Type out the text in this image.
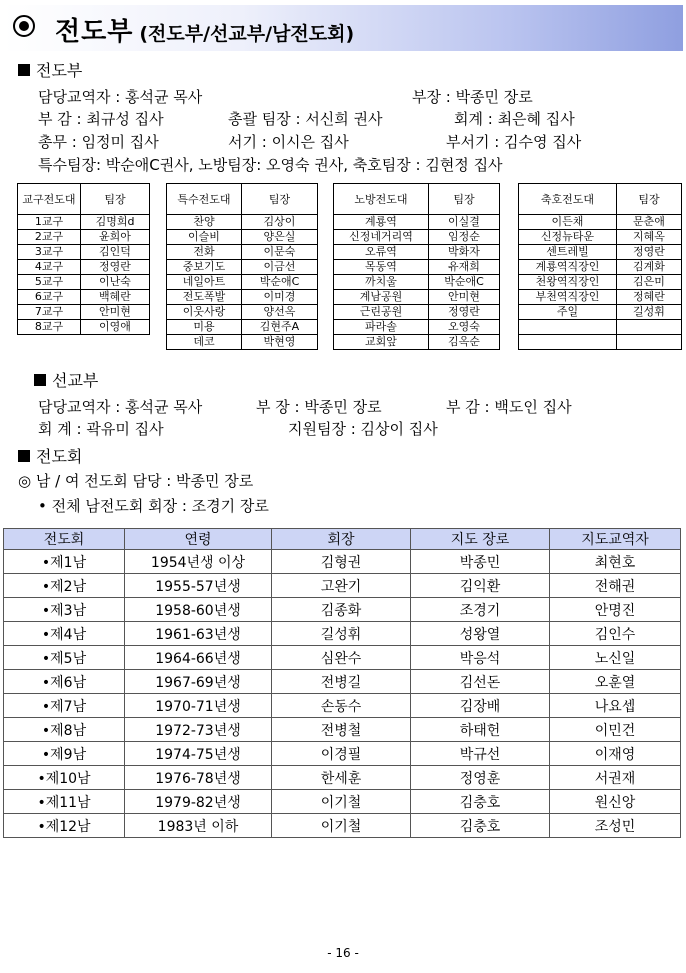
전도부 (전도부/선교부/남전도회)
전도부
담당교역자 : 홍석균 목사	부장 : 박종민 장로
부 감 : 최규성 집사	총괄 팀장 : 서신희 권사	회계 : 최은혜 집사
총무 : 임정미 집사	서기 : 이시은 집사	부서기 : 김수영 집사
특수팀장: 박순애C권사, 노방팀장: 오영숙 권사, 축호팀장 : 김현정 집사
교구전도대	팀장
1교구	김명희d
2교구	윤희아
3교구	김인덕
4교구	정영란
5교구	이난숙
6교구	백혜란
7교구	안미현
8교구	이영애
특수전도대	팀장
찬양	김상이
이슬비	양은실
전화	이문숙
중보기도	이금선
네일아트	박순애C
전도폭발	이미경
이웃사랑	양선옥
미용	김현주A
데코	박현영
노방전도대	팀장
계룡역	이실결
신정네거리역	임정순
오류역	박화자
목동역	유재희
까치울	박순애C
계남공원	안미현
근린공원	정영란
파라솔	오영숙
교회앞	김옥순
축호전도대	팀장
이든채	문춘애
신정뉴타운	지혜옥
센트레빌	정영란
계룡역직장인	김계화
천왕역직장인	김은미
부천역직장인	정혜란
주일	길성휘

선교부
담당교역자 : 홍석균 목사	부 장 : 박종민 장로	부 감 : 백도인 집사
회 계 : 곽유미 집사	지원팀장 : 김상이 집사
전도회
◎ 남 / 여 전도회 담당 : 박종민 장로
• 전체 남전도회 회장 : 조경기 장로
전도회	연령	회장	지도 장로	지도교역자
•제1남	1954년생 이상	김형권	박종민	최현호
•제2남	1955-57년생	고완기	김익환	전해권
•제3남	1958-60년생	김종화	조경기	안명진
•제4남	1961-63년생	길성휘	성왕열	김인수
•제5남	1964-66년생	심완수	박응석	노신일
•제6남	1967-69년생	전병길	김선돈	오훈열
•제7남	1970-71년생	손동수	김장배	나요셉
•제8남	1972-73년생	전병철	하태헌	이민건
•제9남	1974-75년생	이경필	박규선	이재영
•제10남	1976-78년생	한세훈	정영훈	서권재
•제11남	1979-82년생	이기철	김충호	원신앙
•제12남	1983년 이하	이기철	김충호	조성민
- 16 -
